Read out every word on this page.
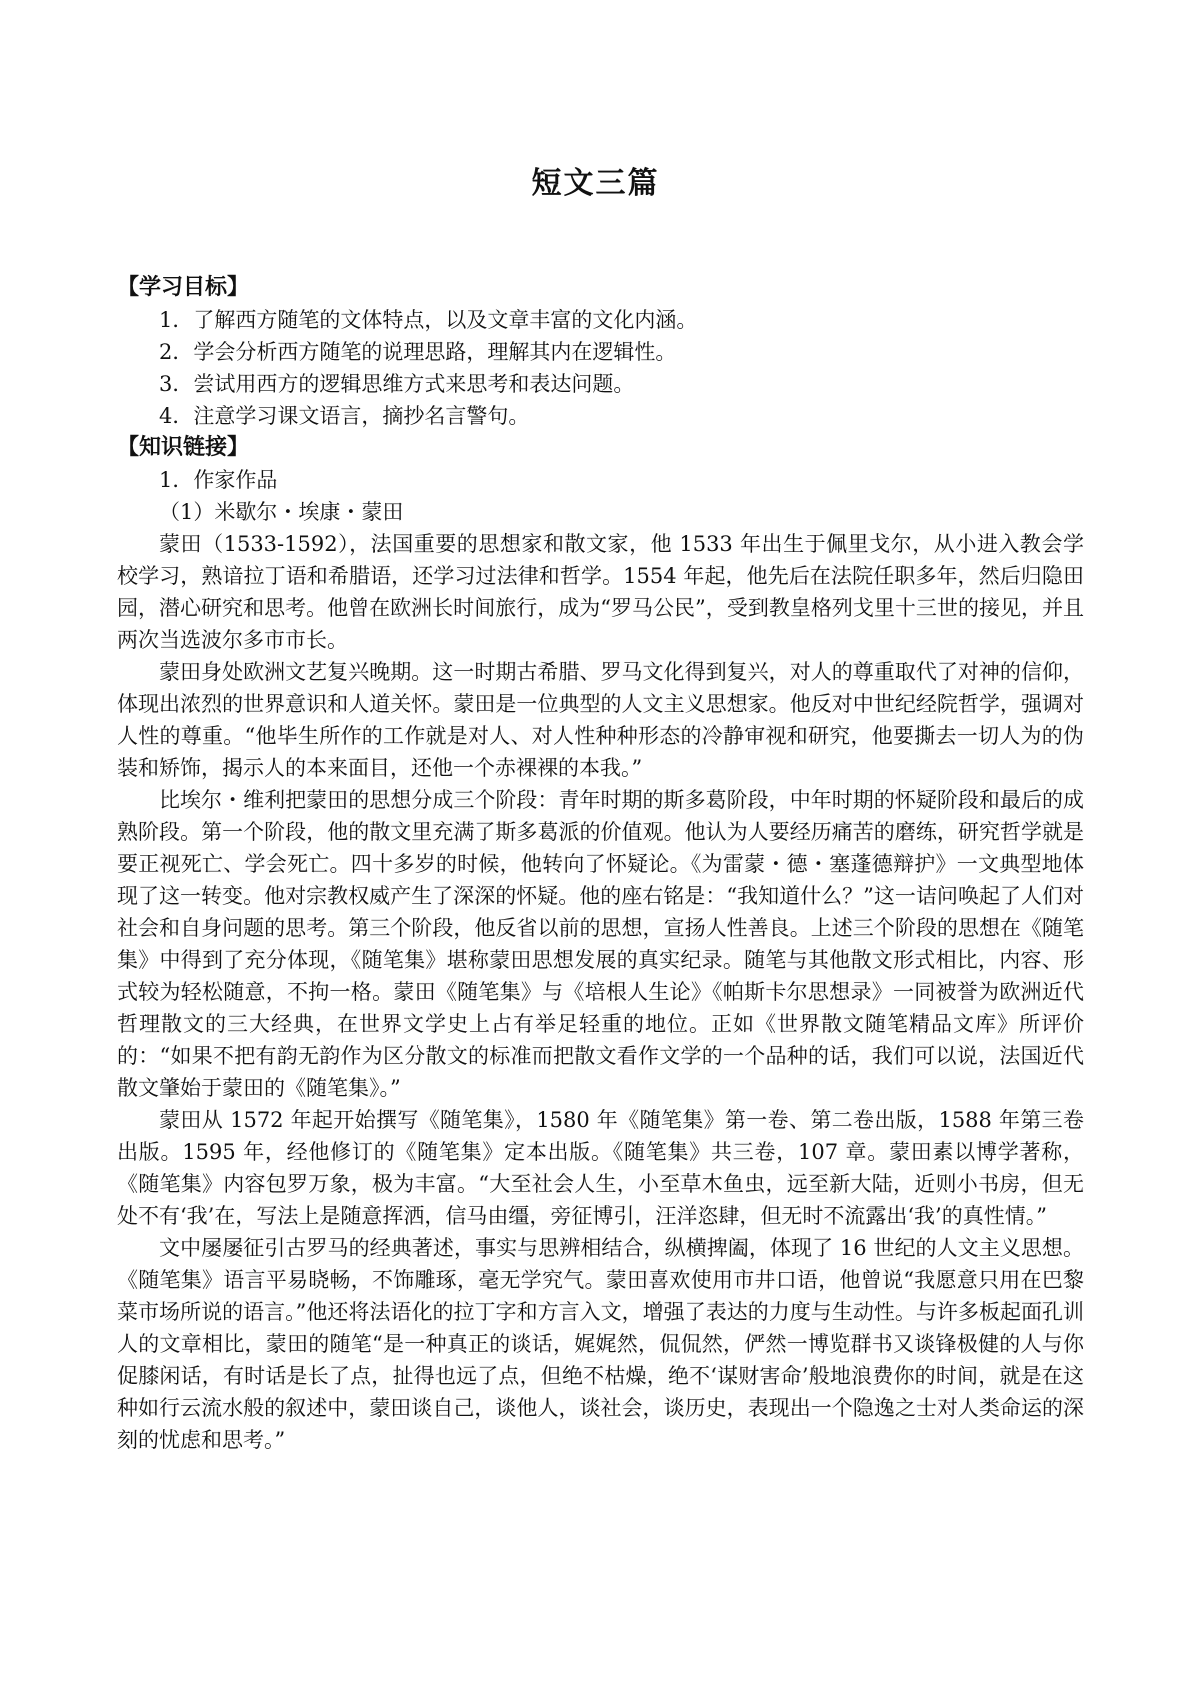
短文三篇
【学习目标】
1．了解西方随笔的文体特点，以及文章丰富的文化内涵。
2．学会分析西方随笔的说理思路，理解其内在逻辑性。
3．尝试用西方的逻辑思维方式来思考和表达问题。
4．注意学习课文语言，摘抄名言警句。
【知识链接】
1．作家作品
（1）米歇尔・埃康・蒙田

蒙田（1533-1592），法国重要的思想家和散文家，他 1533 年出生于佩里戈尔，从小进入教会学校学习，熟谙拉丁语和希腊语，还学习过法律和哲学。1554 年起，他先后在法院任职多年，然后归隐田园，潜心研究和思考。他曾在欧洲长时间旅行，成为“罗马公民”，受到教皇格列戈里十三世的接见，并且两次当选波尔多市市长。

蒙田身处欧洲文艺复兴晚期。这一时期古希腊、罗马文化得到复兴，对人的尊重取代了对神的信仰，体现出浓烈的世界意识和人道关怀。蒙田是一位典型的人文主义思想家。他反对中世纪经院哲学，强调对人性的尊重。“他毕生所作的工作就是对人、对人性种种形态的冷静审视和研究，他要撕去一切人为的伪装和矫饰，揭示人的本来面目，还他一个赤裸裸的本我。”

比埃尔・维利把蒙田的思想分成三个阶段：青年时期的斯多葛阶段，中年时期的怀疑阶段和最后的成熟阶段。第一个阶段，他的散文里充满了斯多葛派的价值观。他认为人要经历痛苦的磨练，研究哲学就是要正视死亡、学会死亡。四十多岁的时候，他转向了怀疑论。《为雷蒙・德・塞蓬德辩护》一文典型地体现了这一转变。他对宗教权威产生了深深的怀疑。他的座右铭是：“我知道什么？”这一诘问唤起了人们对社会和自身问题的思考。第三个阶段，他反省以前的思想，宣扬人性善良。上述三个阶段的思想在《随笔集》中得到了充分体现，《随笔集》堪称蒙田思想发展的真实纪录。随笔与其他散文形式相比，内容、形式较为轻松随意，不拘一格。蒙田《随笔集》与《培根人生论》《帕斯卡尔思想录》一同被誉为欧洲近代哲理散文的三大经典，在世界文学史上占有举足轻重的地位。正如《世界散文随笔精品文库》所评价的：“如果不把有韵无韵作为区分散文的标准而把散文看作文学的一个品种的话，我们可以说，法国近代散文肇始于蒙田的《随笔集》。”

蒙田从 1572 年起开始撰写《随笔集》，1580 年《随笔集》第一卷、第二卷出版，1588 年第三卷出版。1595 年，经他修订的《随笔集》定本出版。《随笔集》共三卷，107 章。蒙田素以博学著称，《随笔集》内容包罗万象，极为丰富。“大至社会人生，小至草木鱼虫，远至新大陆，近则小书房，但无处不有‘我’在，写法上是随意挥洒，信马由缰，旁征博引，汪洋恣肆，但无时不流露出‘我’的真性情。”

文中屡屡征引古罗马的经典著述，事实与思辨相结合，纵横捭阖，体现了 16 世纪的人文主义思想。《随笔集》语言平易晓畅，不饰雕琢，毫无学究气。蒙田喜欢使用市井口语，他曾说“我愿意只用在巴黎菜市场所说的语言。”他还将法语化的拉丁字和方言入文，增强了表达的力度与生动性。与许多板起面孔训人的文章相比，蒙田的随笔“是一种真正的谈话，娓娓然，侃侃然，俨然一博览群书又谈锋极健的人与你促膝闲话，有时话是长了点，扯得也远了点，但绝不枯燥，绝不‘谋财害命’般地浪费你的时间，就是在这种如行云流水般的叙述中，蒙田谈自己，谈他人，谈社会，谈历史，表现出一个隐逸之士对人类命运的深刻的忧虑和思考。”
